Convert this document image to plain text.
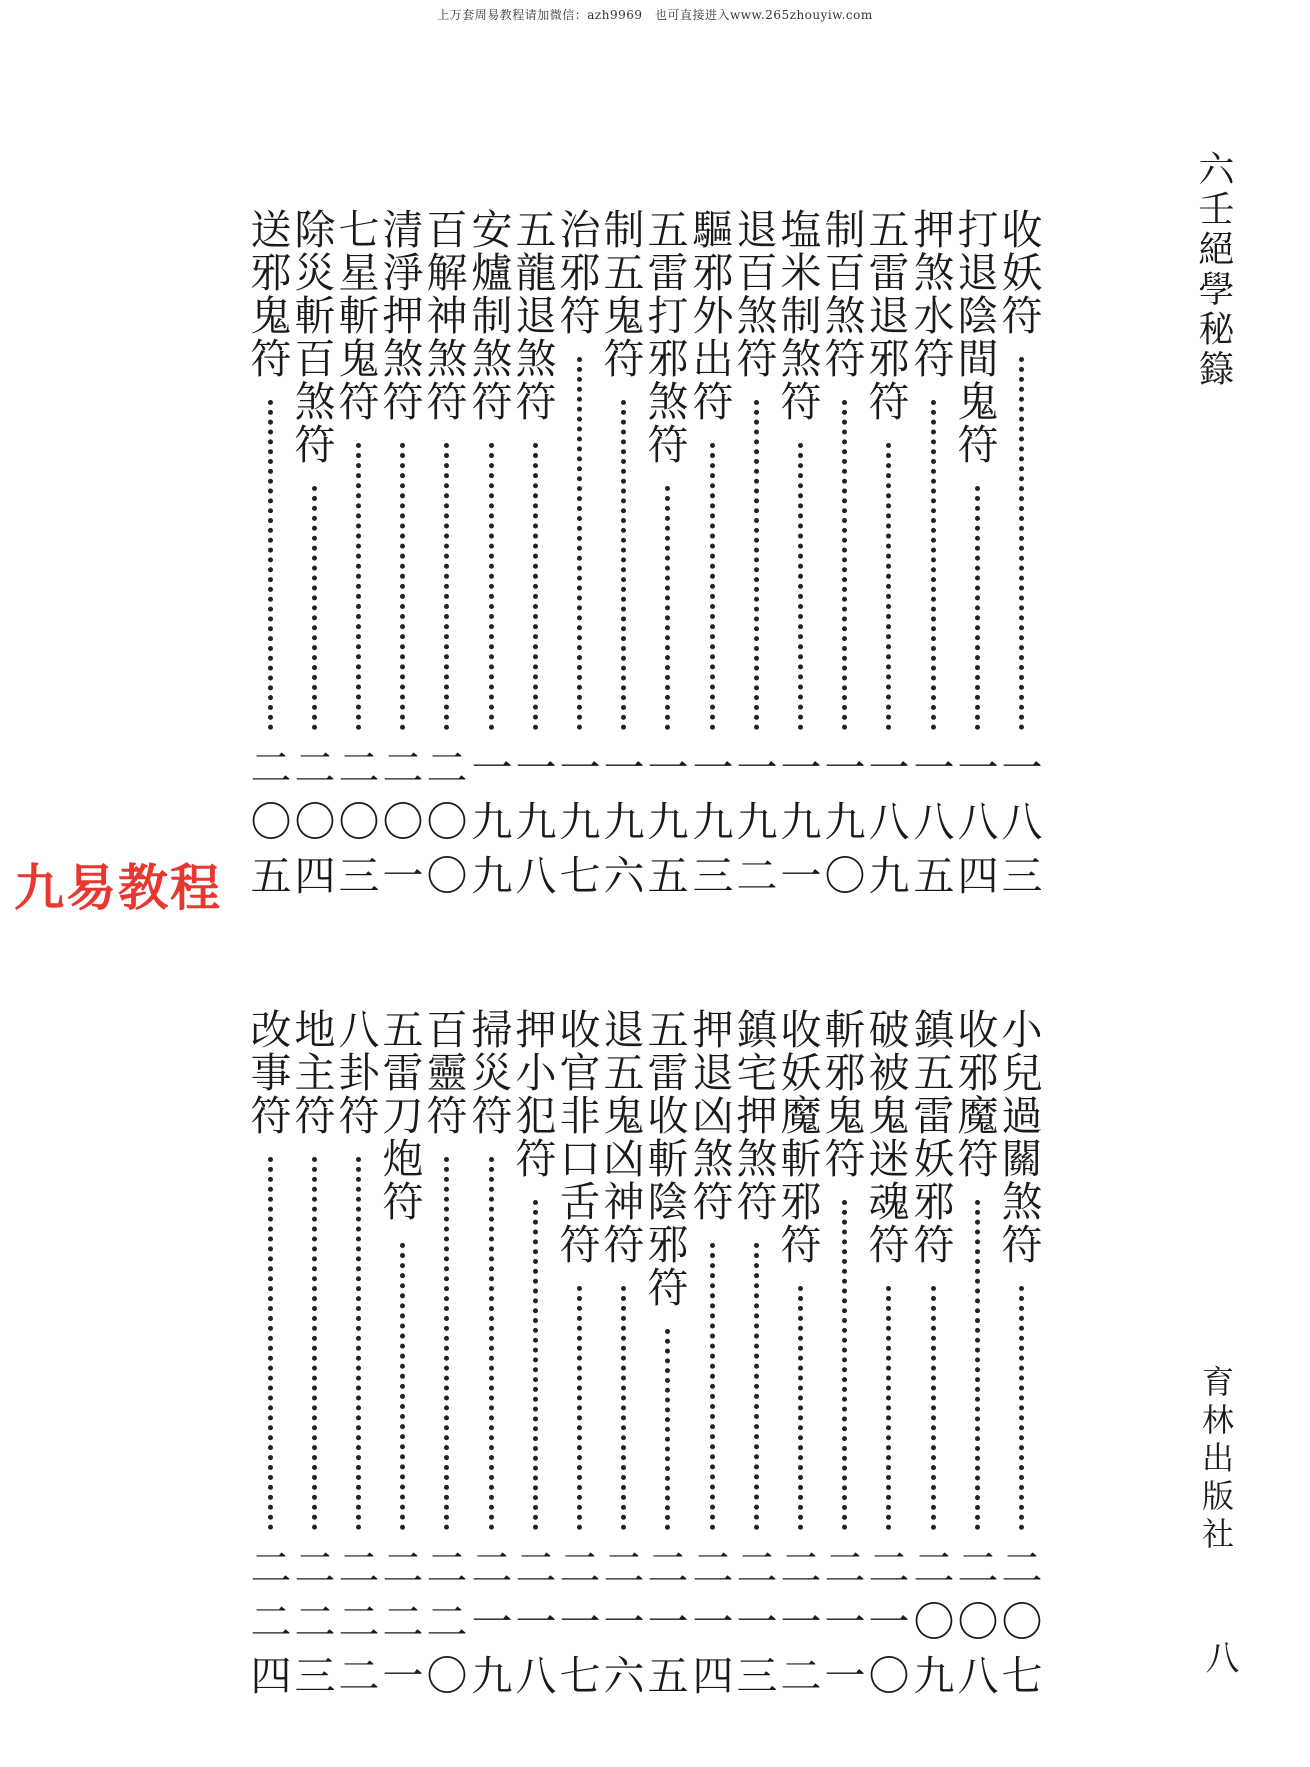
上万套周易教程请加微信：azh9969　也可直接进入www.265zhouyiw.com
六壬絕學秘籙
育林出版社
八
九易教程
收
妖
符
一
八
三
打
退
陰
間
鬼
符
一
八
四
押
煞
水
符
一
八
五
五
雷
退
邪
符
一
八
九
制
百
煞
符
一
九
〇
塩
米
制
煞
符
一
九
一
退
百
煞
符
一
九
二
驅
邪
外
出
符
一
九
三
五
雷
打
邪
煞
符
一
九
五
制
五
鬼
符
一
九
六
治
邪
符
一
九
七
五
龍
退
煞
符
一
九
八
安
爐
制
煞
符
一
九
九
百
解
神
煞
符
二
〇
〇
清
淨
押
煞
符
二
〇
一
七
星
斬
鬼
符
二
〇
三
除
災
斬
百
煞
符
二
〇
四
送
邪
鬼
符
二
〇
五
小
兒
過
關
煞
符
二
〇
七
收
邪
魔
符
二
〇
八
鎮
五
雷
妖
邪
符
二
〇
九
破
被
鬼
迷
魂
符
二
一
〇
斬
邪
鬼
符
二
一
一
收
妖
魔
斬
邪
符
二
一
二
鎮
宅
押
煞
符
二
一
三
押
退
凶
煞
符
二
一
四
五
雷
收
斬
陰
邪
符
二
一
五
退
五
鬼
凶
神
符
二
一
六
收
官
非
口
舌
符
二
一
七
押
小
犯
符
二
一
八
掃
災
符
二
一
九
百
靈
符
二
二
〇
五
雷
刀
炮
符
二
二
一
八
卦
符
二
二
二
地
主
符
二
二
三
改
事
符
二
二
四
